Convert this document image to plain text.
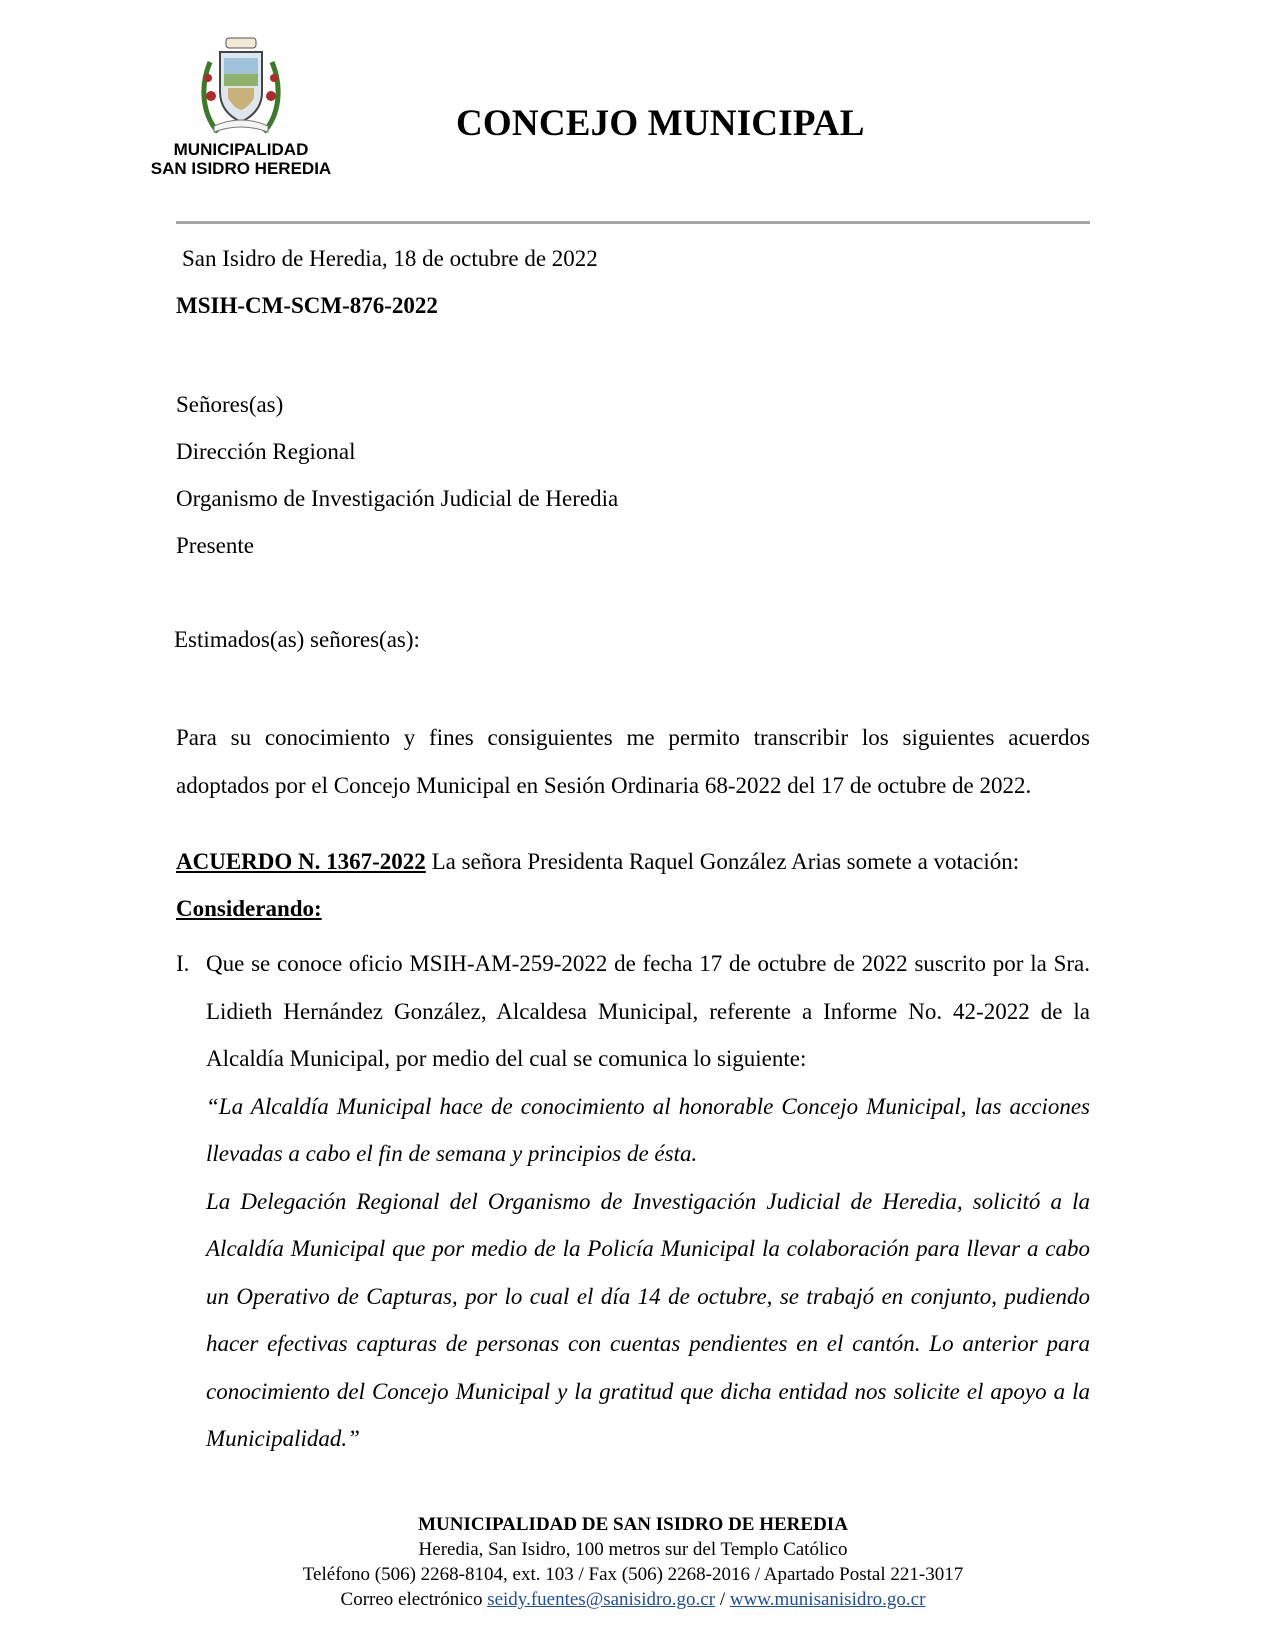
MUNICIPALIDAD
SAN ISIDRO HEREDIA
CONCEJO MUNICIPAL

San Isidro de Heredia, 18 de octubre de 2022

MSIH-CM-SCM-876-2022

Señores(as)

Dirección Regional

Organismo de Investigación Judicial de Heredia

Presente

Estimados(as) señores(as):

Para su conocimiento y fines consiguientes me permito transcribir los siguientes acuerdos adoptados por el Concejo Municipal en Sesión Ordinaria 68-2022 del 17 de octubre de 2022.

ACUERDO N. 1367-2022 La señora Presidenta Raquel González Arias somete a votación:

Considerando:

I. Que se conoce oficio MSIH-AM-259-2022 de fecha 17 de octubre de 2022 suscrito por la Sra. Lidieth Hernández González, Alcaldesa Municipal, referente a Informe No. 42-2022 de la Alcaldía Municipal, por medio del cual se comunica lo siguiente:

“La Alcaldía Municipal hace de conocimiento al honorable Concejo Municipal, las acciones llevadas a cabo el fin de semana y principios de ésta.

La Delegación Regional del Organismo de Investigación Judicial de Heredia, solicitó a la Alcaldía Municipal que por medio de la Policía Municipal la colaboración para llevar a cabo un Operativo de Capturas, por lo cual el día 14 de octubre, se trabajó en conjunto, pudiendo hacer efectivas capturas de personas con cuentas pendientes en el cantón. Lo anterior para conocimiento del Concejo Municipal y la gratitud que dicha entidad nos solicite el apoyo a la Municipalidad.”

MUNICIPALIDAD DE SAN ISIDRO DE HEREDIA

Heredia, San Isidro, 100 metros sur del Templo Católico

Teléfono (506) 2268-8104, ext. 103 / Fax (506) 2268-2016 / Apartado Postal 221-3017

Correo electrónico seidy.fuentes@sanisidro.go.cr / www.munisanisidro.go.cr
